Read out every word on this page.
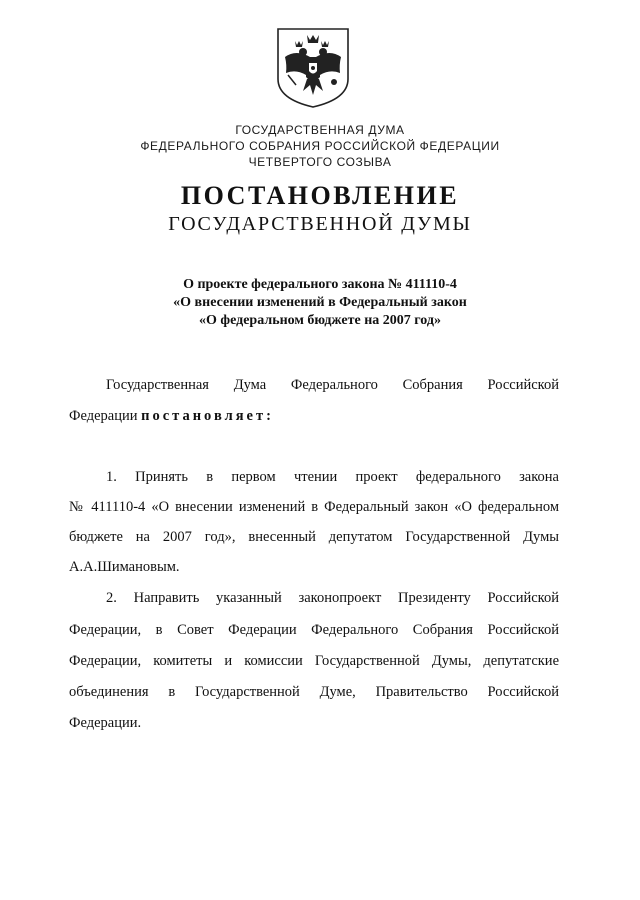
ГОСУДАРСТВЕННАЯ ДУМА
ФЕДЕРАЛЬНОГО СОБРАНИЯ РОССИЙСКОЙ ФЕДЕРАЦИИ
ЧЕТВЕРТОГО СОЗЫВА
ПОСТАНОВЛЕНИЕ
ГОСУДАРСТВЕННОЙ ДУМЫ
О проекте федерального закона № 411110-4
«О внесении изменений в Федеральный закон
«О федеральном бюджете на 2007 год»
Государственная Дума Федерального Собрания Российской
Федерации постановляет:
1. Принять в первом чтении проект федерального закона
№ 411110-4 «О внесении изменений в Федеральный закон «О федеральном
бюджете на 2007 год», внесенный депутатом Государственной Думы
А.А.Шимановым.
2. Направить указанный законопроект Президенту Российской
Федерации, в Совет Федерации Федерального Собрания Российской
Федерации, комитеты и комиссии Государственной Думы, депутатские
объединения в Государственной Думе, Правительство Российской
Федерации.
